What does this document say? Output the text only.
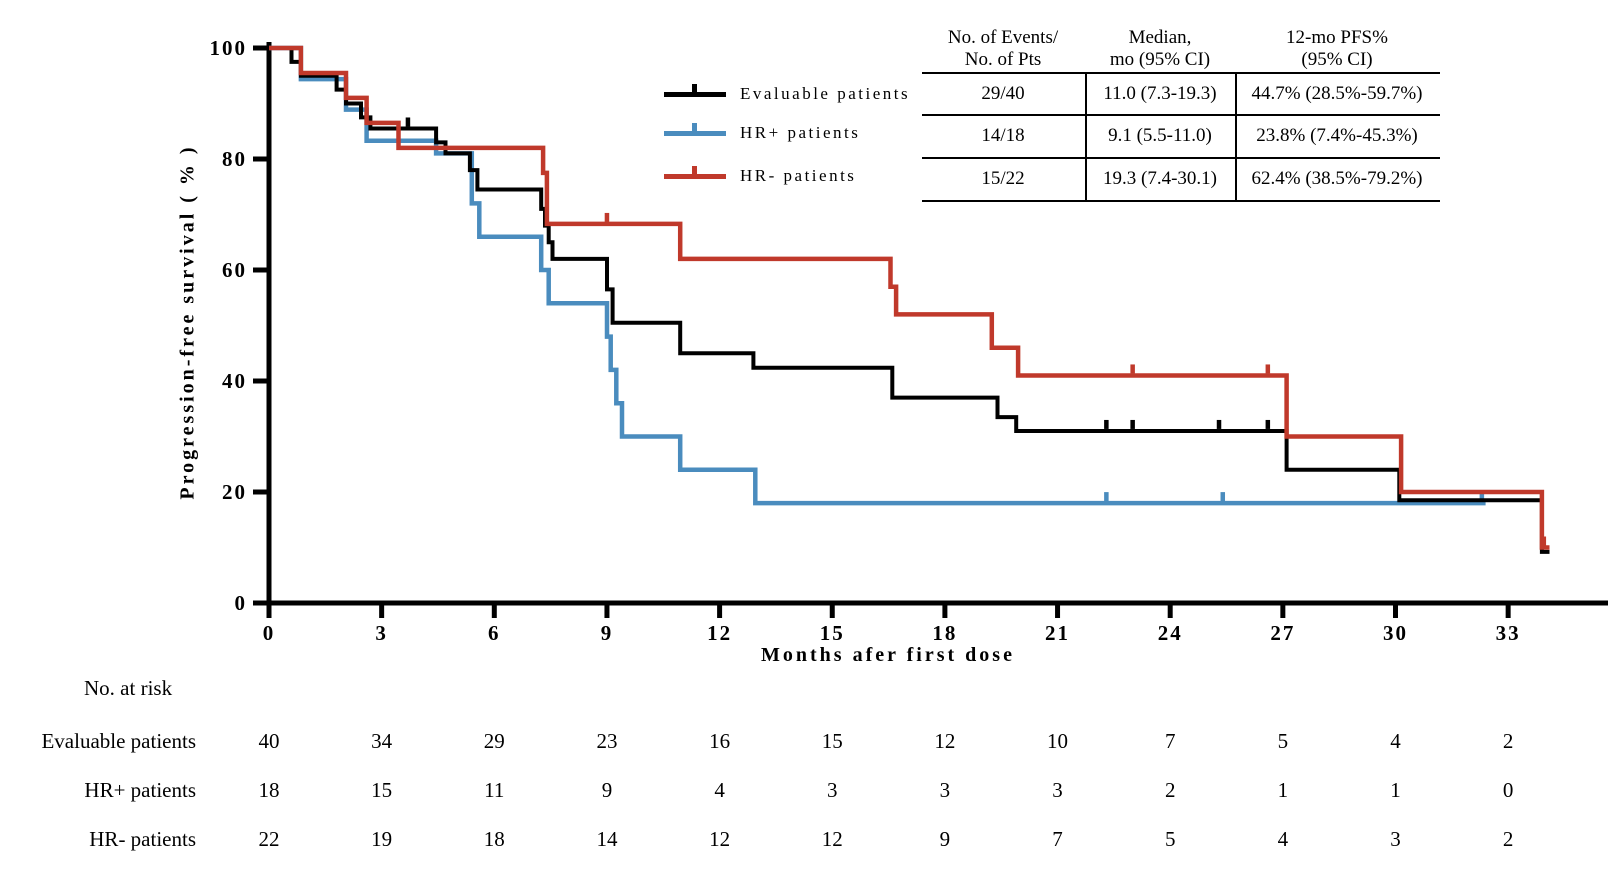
Progression-free survival ( % )
Months afer first dose
0
20
40
60
80
100
0	3	6	9	12	15	18	21	24	27	30	33
Evaluable patients
HR+ patients
HR- patients
No. of Events/
No. of Pts
Median,
mo (95% CI)
12-mo PFS%
(95% CI)
29/40	11.0 (7.3-19.3)	44.7% (28.5%-59.7%)
14/18	9.1 (5.5-11.0)	23.8% (7.4%-45.3%)
15/22	19.3 (7.4-30.1)	62.4% (38.5%-79.2%)
No. at risk
Evaluable patients	40	34	29	23	16	15	12	10	7	5	4	2
HR+ patients	18	15	11	9	4	3	3	3	2	1	1	0
HR- patients	22	19	18	14	12	12	9	7	5	4	3	2
